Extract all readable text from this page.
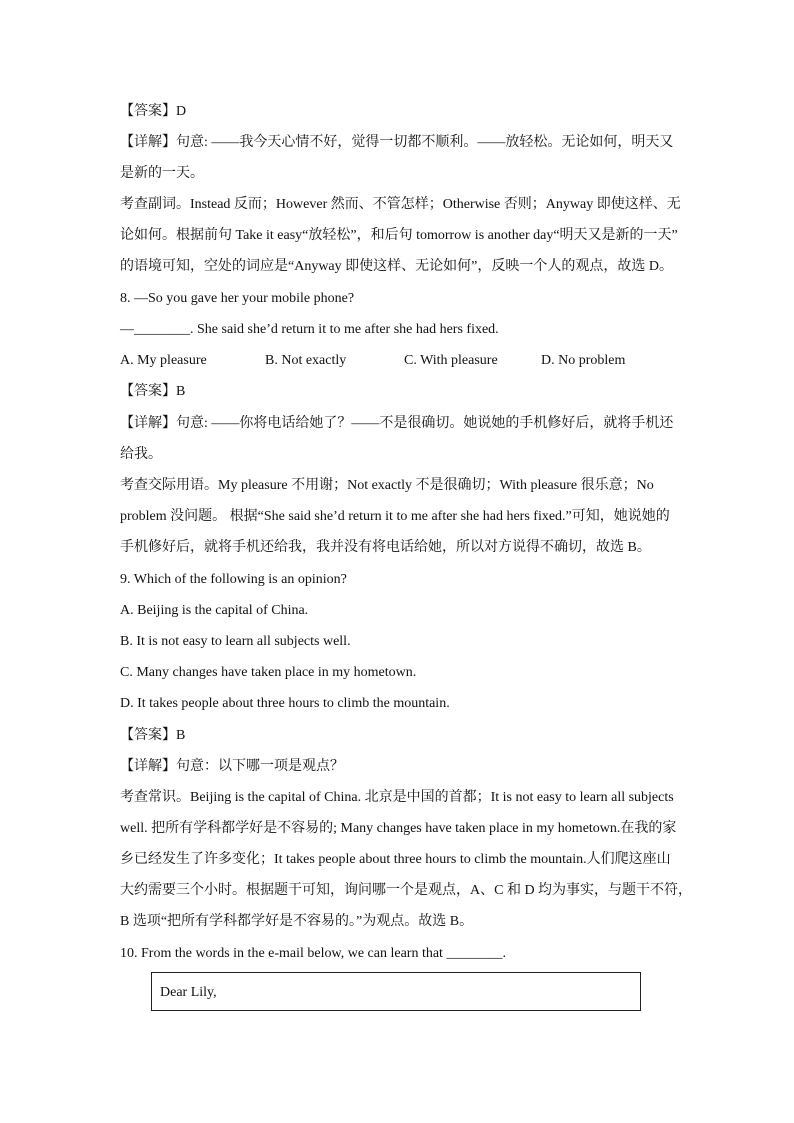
【答案】D
【详解】句意: ——我今天心情不好，觉得一切都不顺利。——放轻松。无论如何，明天又
是新的一天。
考查副词。Instead 反而；However 然而、不管怎样；Otherwise 否则；Anyway 即使这样、无
论如何。根据前句 Take it easy“放轻松”，和后句 tomorrow is another day“明天又是新的一天”
的语境可知，空处的词应是“Anyway 即使这样、无论如何”，反映一个人的观点，故选 D。
8. —So you gave her your mobile phone?
—________. She said she’d return it to me after she had hers fixed.
A. My pleasure	B. Not exactly	C. With pleasure	D. No problem
【答案】B
【详解】句意: ——你将电话给她了？——不是很确切。她说她的手机修好后，就将手机还
给我。
考查交际用语。My pleasure 不用谢；Not exactly 不是很确切；With pleasure 很乐意；No
problem 没问题。 根据“She said she’d return it to me after she had hers fixed.”可知，她说她的
手机修好后，就将手机还给我，我并没有将电话给她，所以对方说得不确切，故选 B。
9. Which of the following is an opinion?
A. Beijing is the capital of China.
B. It is not easy to learn all subjects well.
C. Many changes have taken place in my hometown.
D. It takes people about three hours to climb the mountain.
【答案】B
【详解】句意：以下哪一项是观点？
考查常识。Beijing is the capital of China. 北京是中国的首都；It is not easy to learn all subjects
well. 把所有学科都学好是不容易的; Many changes have taken place in my hometown.在我的家
乡已经发生了许多变化；It takes people about three hours to climb the mountain.人们爬这座山
大约需要三个小时。根据题干可知，询问哪一个是观点，A、C 和 D 均为事实，与题干不符，
B 选项“把所有学科都学好是不容易的。”为观点。故选 B。
10. From the words in the e-mail below, we can learn that ________.
Dear Lily,
